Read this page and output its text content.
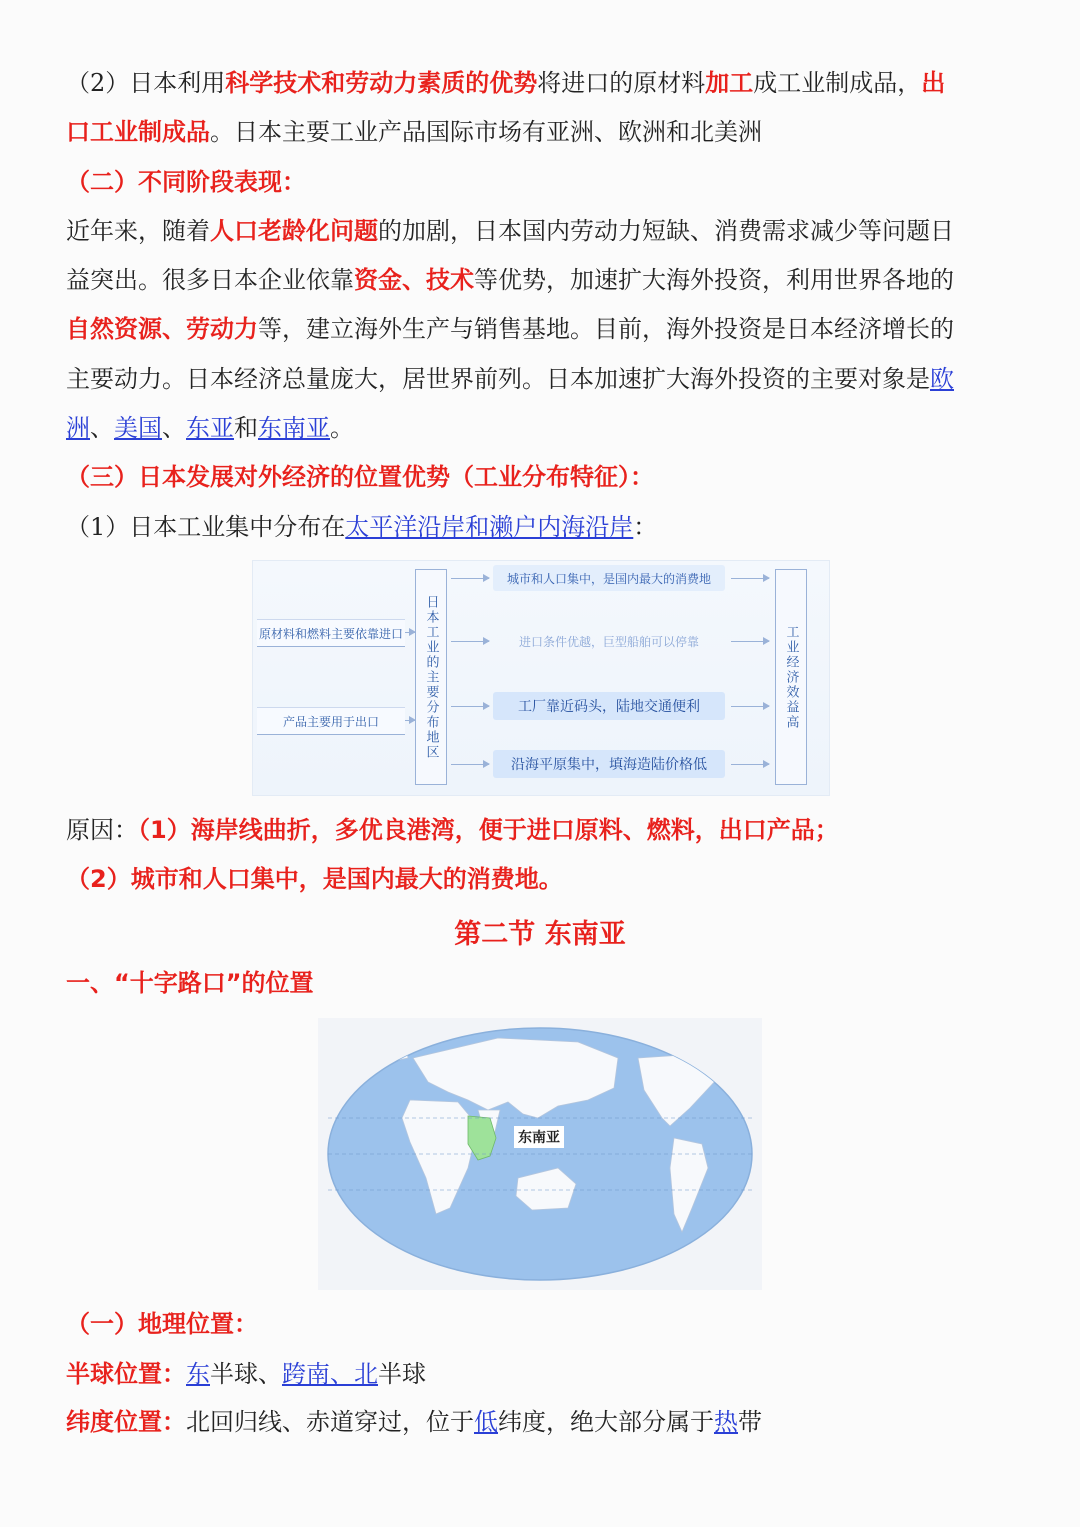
（2）日本利用科学技术和劳动力素质的优势将进口的原材料加工成工业制成品，出
口工业制成品。日本主要工业产品国际市场有亚洲、欧洲和北美洲
（二）不同阶段表现：
近年来，随着人口老龄化问题的加剧，日本国内劳动力短缺、消费需求减少等问题日
益突出。很多日本企业依靠资金、技术等优势，加速扩大海外投资，利用世界各地的
自然资源、劳动力等，建立海外生产与销售基地。目前，海外投资是日本经济增长的
主要动力。日本经济总量庞大，居世界前列。日本加速扩大海外投资的主要对象是欧
洲、美国、东亚和东南亚。
（三）日本发展对外经济的位置优势（工业分布特征）：
（1）日本工业集中分布在太平洋沿岸和濑户内海沿岸：
原材料和燃料主要依靠进口
产品主要用于出口	日本工业的主要分布地区
城市和人口集中，是国内最大的消费地
进口条件优越，巨型船舶可以停靠
工厂靠近码头，陆地交通便利
沿海平原集中，填海造陆价格低
工业经济效益高
原因：（1）海岸线曲折，多优良港湾，便于进口原料、燃料，出口产品；
（2）城市和人口集中，是国内最大的消费地。
第二节 东南亚
一、“十字路口”的位置
东南亚
（一）地理位置：
半球位置：东半球、跨南、北半球
纬度位置：北回归线、赤道穿过，位于低纬度，绝大部分属于热带
